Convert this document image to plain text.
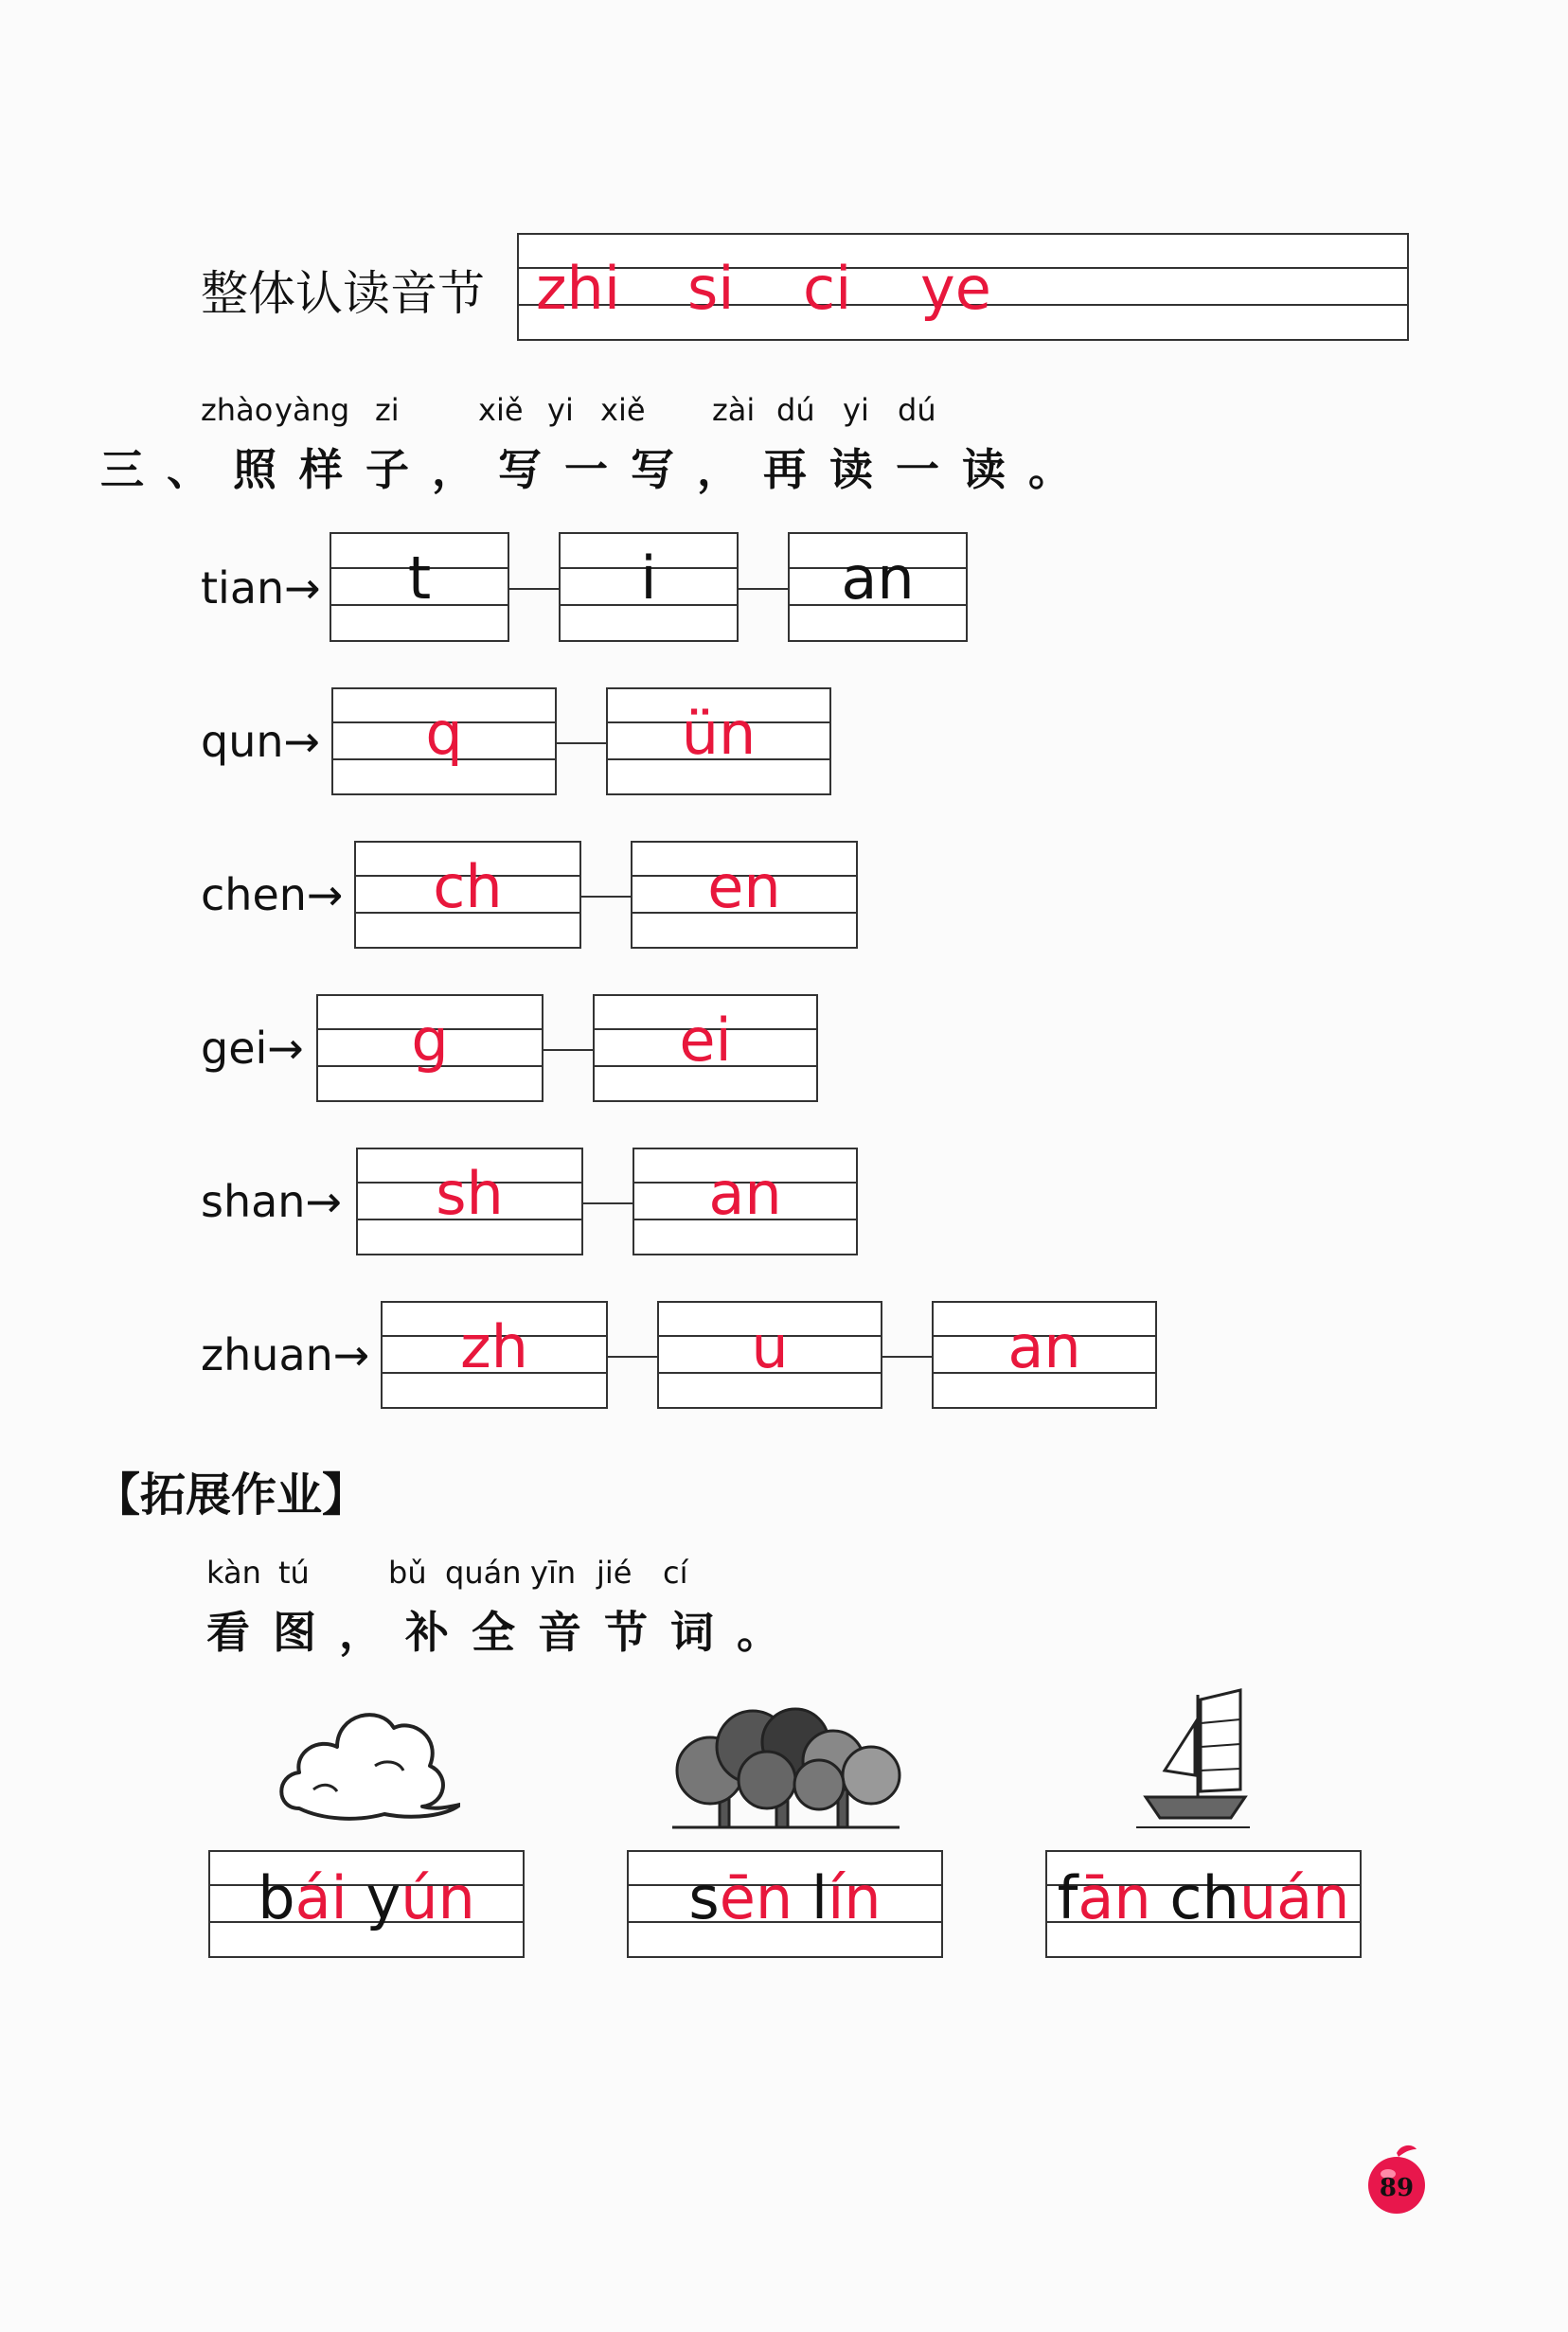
整体认读音节 zhi si ci ye
zhào yàng zi	xiě yi xiě zài dú yi dú
三、照样子，写一写，再读一读。
tian→	t	i	an
qun→	q	ün
chen→	ch	en
gei→	g	ei
shan→	sh	an
zhuan→	zh	u	an
【拓展作业】
kàn tú	bǔ quán yīn jié cí
看图，补全音节词。
bái yún	sēn lín	fān chuán
89
